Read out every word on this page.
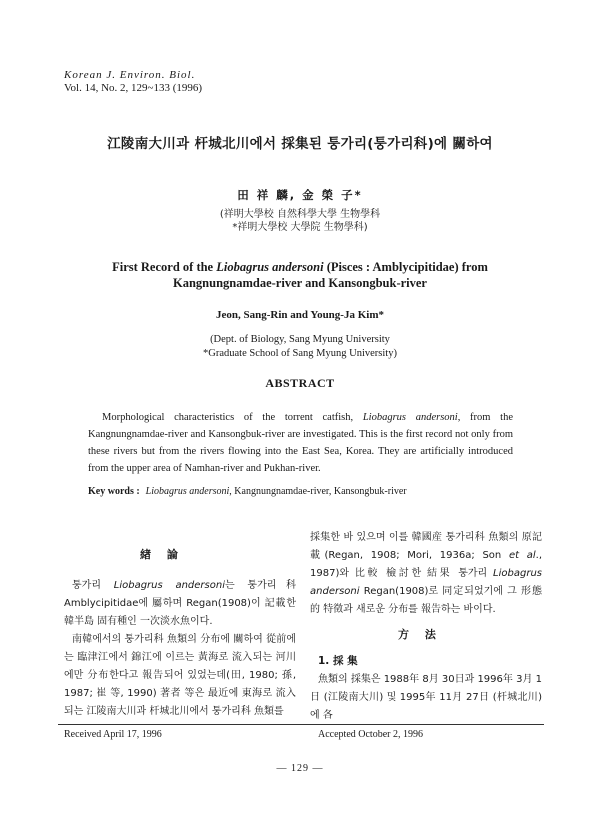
Korean J. Environ. Biol.
Vol. 14, No. 2, 129~133 (1996)
江陵南大川과 杆城北川에서 採集된 퉁가리(퉁가리科)에 關하여
田 祥 麟, 金 榮 子*
(祥明大學校 自然科學大學 生物學科
*祥明大學校 大學院 生物學科)
First Record of the Liobagrus andersoni (Pisces : Amblycipitidae) from
Kangnungnamdae-river and Kansongbuk-river
Jeon, Sang-Rin and Young-Ja Kim*
(Dept. of Biology, Sang Myung University
*Graduate School of Sang Myung University)
ABSTRACT

Morphological characteristics of the torrent catfish, Liobagrus andersoni, from the Kangnungnamdae-river and Kansongbuk-river are investigated. This is the first record not only from these rivers but from the rivers flowing into the East Sea, Korea. They are artificially introduced from the upper area of Namhan-river and Pukhan-river.

Key words : Liobagrus andersoni, Kangnungnamdae-river, Kansongbuk-river
緖 論

퉁가리 Liobagrus andersoni는 퉁가리科 Amblycipitidae에 屬하며 Regan(1908)이 記載한 韓半島 固有種인 一次淡水魚이다.

南韓에서의 퉁가리科 魚類의 分布에 關하여 從前에는 臨津江에서 錦江에 이르는 黃海로 流入되는 河川에만 分布한다고 報告되어 있었는데(田, 1980; 孫, 1987; 崔 等, 1990) 著者 等은 最近에 東海로 流入되는 江陵南大川과 杆城北川에서 퉁가리科 魚類를

採集한 바 있으며 이를 韓國産 퉁가리科 魚類의 原記載(Regan, 1908; Mori, 1936a; Son et al., 1987)와 比較 檢討한 結果 퉁가리 Liobagrus andersoni Regan(1908)로 同定되었기에 그 形態的 特徵과 새로운 分布를 報告하는 바이다.

方 法
1. 採 集

魚類의 採集은 1988年 8月 30日과 1996年 3月 1日 (江陵南大川) 및 1995年 11月 27日 (杆城北川)에 各

Received April 17, 1996	Accepted October 2, 1996
— 129 —
